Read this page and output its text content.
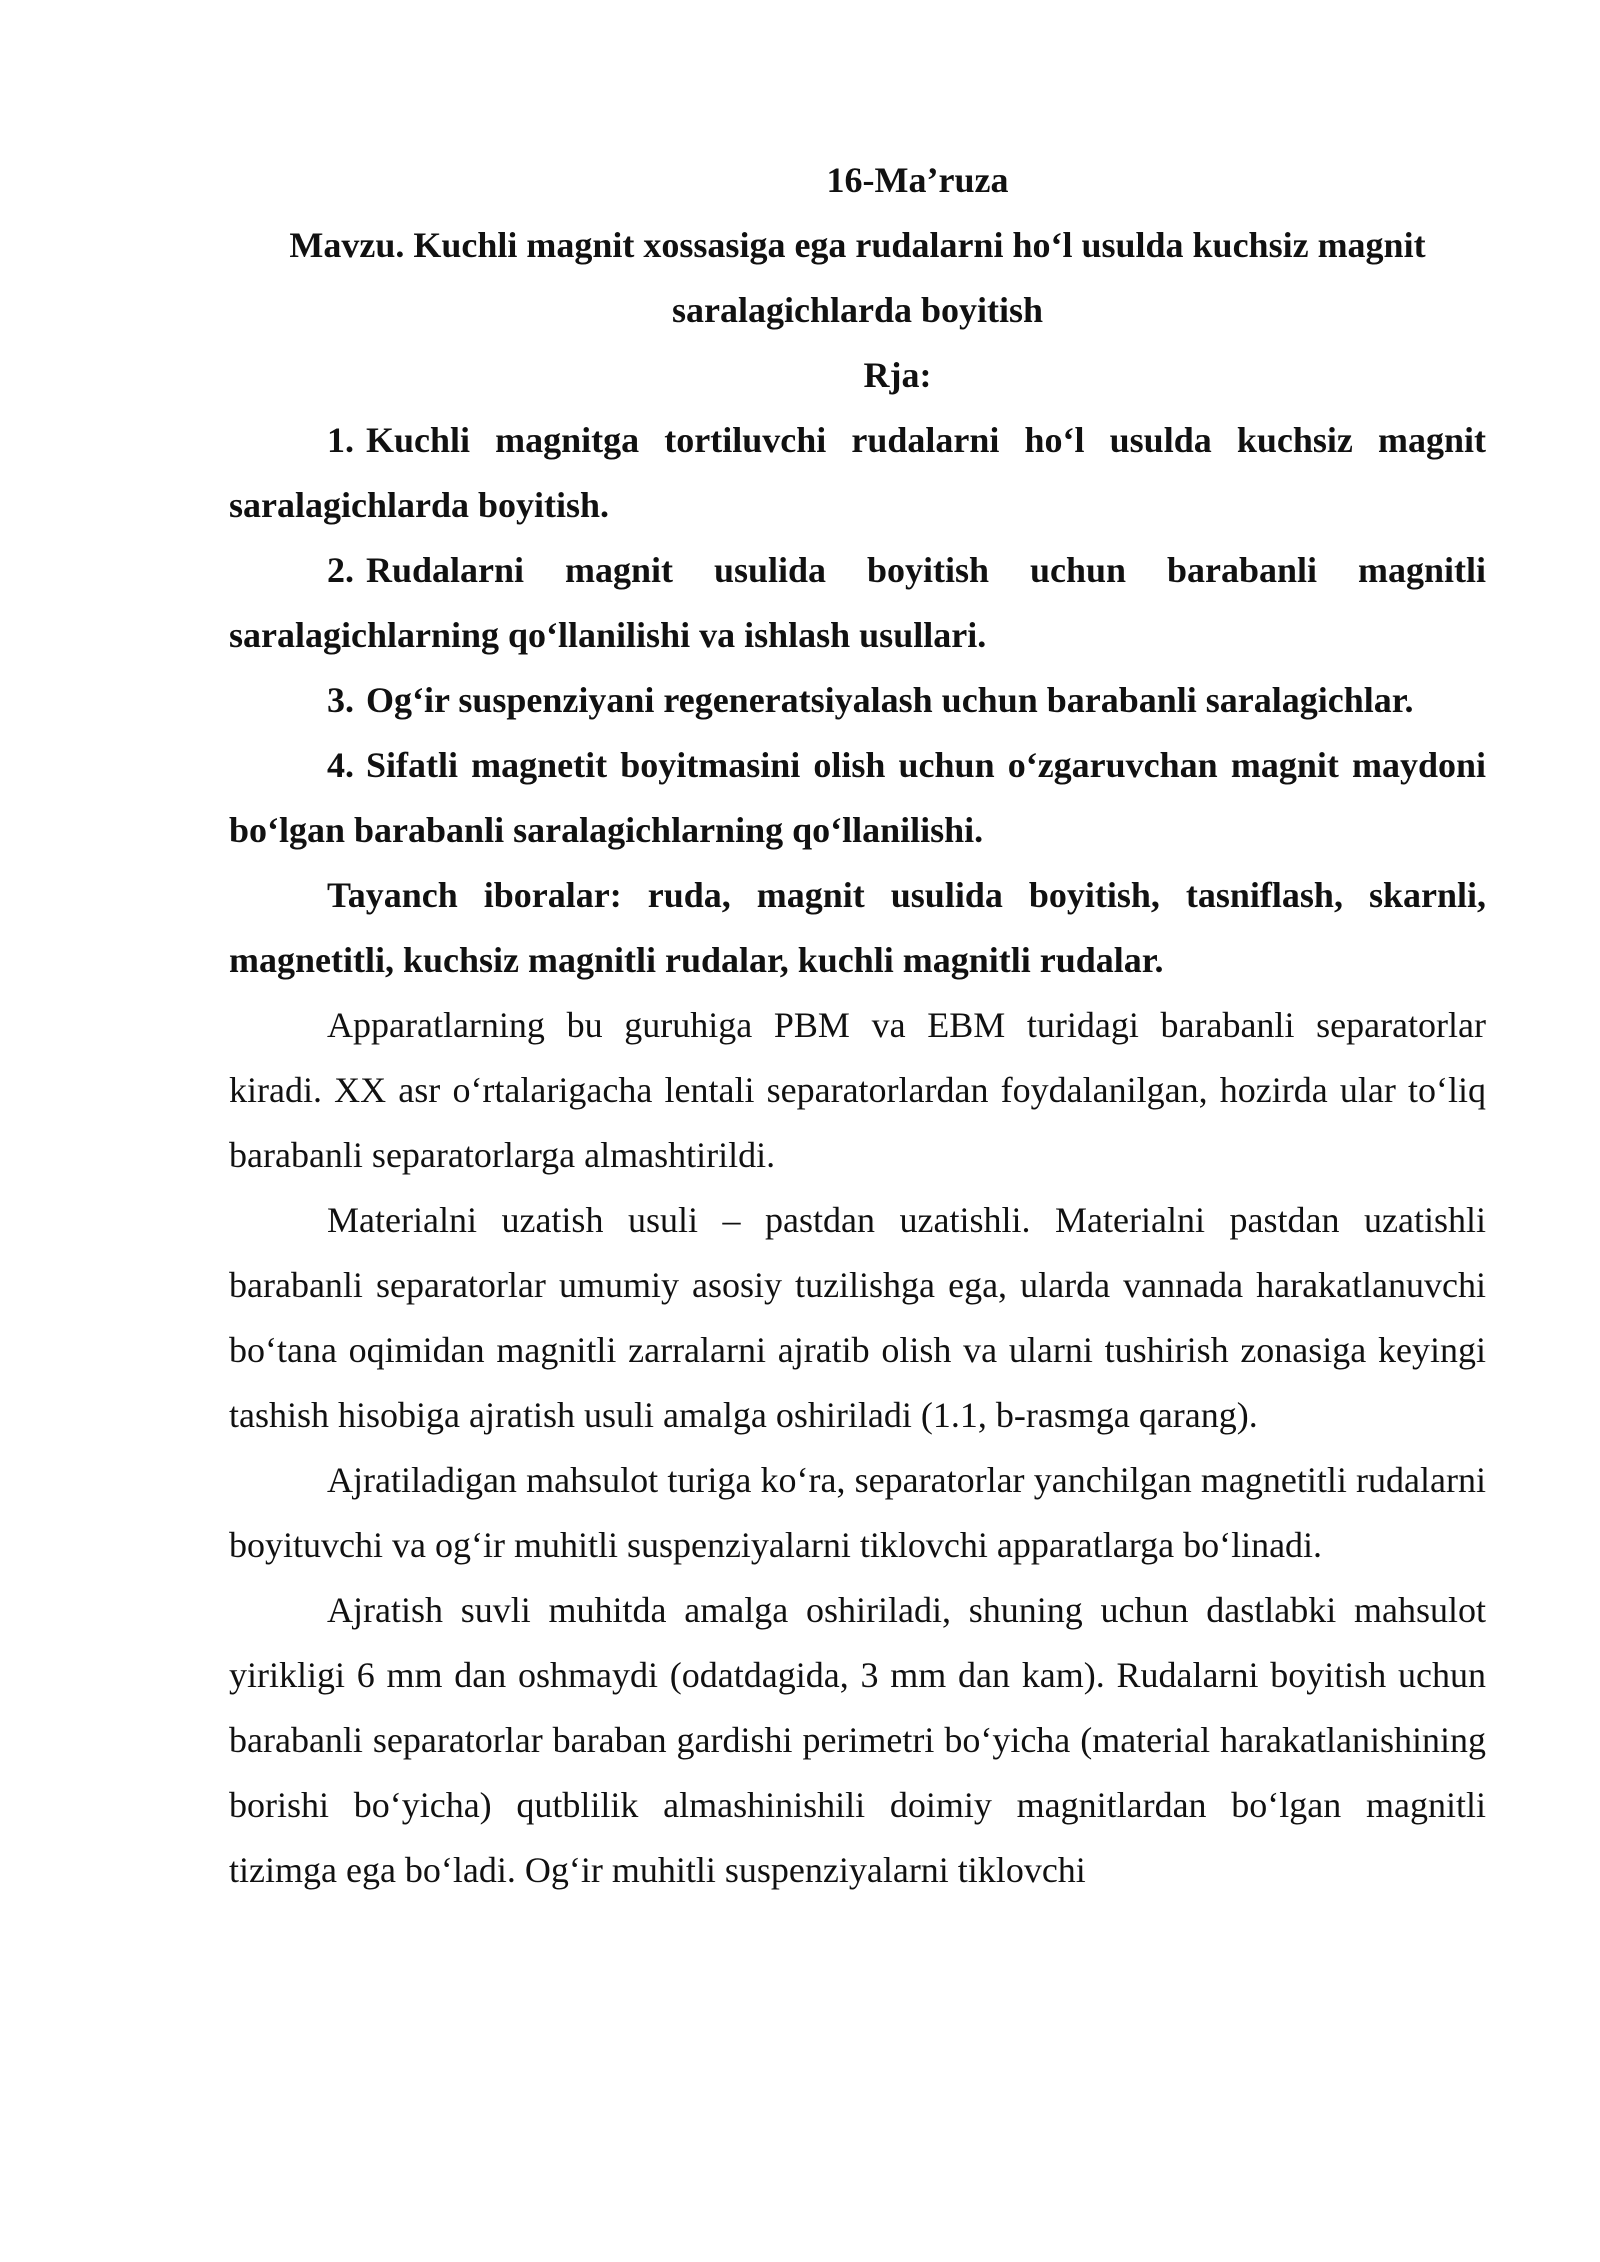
16-Ma’ruza

Mavzu. Kuchli magnit xossasiga ega rudalarni ho‘l usulda kuchsiz magnit saralagichlarda boyitish

Rja:

1. Kuchli magnitga tortiluvchi rudalarni ho‘l usulda kuchsiz magnit saralagichlarda boyitish.

2. Rudalarni magnit usulida boyitish uchun barabanli magnitli saralagichlarning qo‘llanilishi va ishlash usullari.

3. Og‘ir suspenziyani regeneratsiyalash uchun barabanli saralagichlar.

4. Sifatli magnetit boyitmasini olish uchun o‘zgaruvchan magnit maydoni bo‘lgan barabanli saralagichlarning qo‘llanilishi.

Tayanch iboralar: ruda, magnit usulida boyitish, tasniflash, skarnli, magnetitli, kuchsiz magnitli rudalar, kuchli magnitli rudalar.

Apparatlarning bu guruhiga PBM va EBM turidagi barabanli separatorlar kiradi. XX asr o‘rtalarigacha lentali separatorlardan foydalanilgan, hozirda ular to‘liq barabanli separatorlarga almashtirildi.

Materialni uzatish usuli – pastdan uzatishli. Materialni pastdan uzatishli barabanli separatorlar umumiy asosiy tuzilishga ega, ularda vannada harakatlanuvchi bo‘tana oqimidan magnitli zarralarni ajratib olish va ularni tushirish zonasiga keyingi tashish hisobiga ajratish usuli amalga oshiriladi (1.1, b-rasmga qarang).

Ajratiladigan mahsulot turiga ko‘ra, separatorlar yanchilgan magnetitli rudalarni boyituvchi va og‘ir muhitli suspenziyalarni tiklovchi apparatlarga bo‘linadi.

Ajratish suvli muhitda amalga oshiriladi, shuning uchun dastlabki mahsulot yirikligi 6 mm dan oshmaydi (odatdagida, 3 mm dan kam). Rudalarni boyitish uchun barabanli separatorlar baraban gardishi perimetri bo‘yicha (material harakatlanishining borishi bo‘yicha) qutblilik almashinishili doimiy magnitlardan bo‘lgan magnitli tizimga ega bo‘ladi. Og‘ir muhitli suspenziyalarni tiklovchi
